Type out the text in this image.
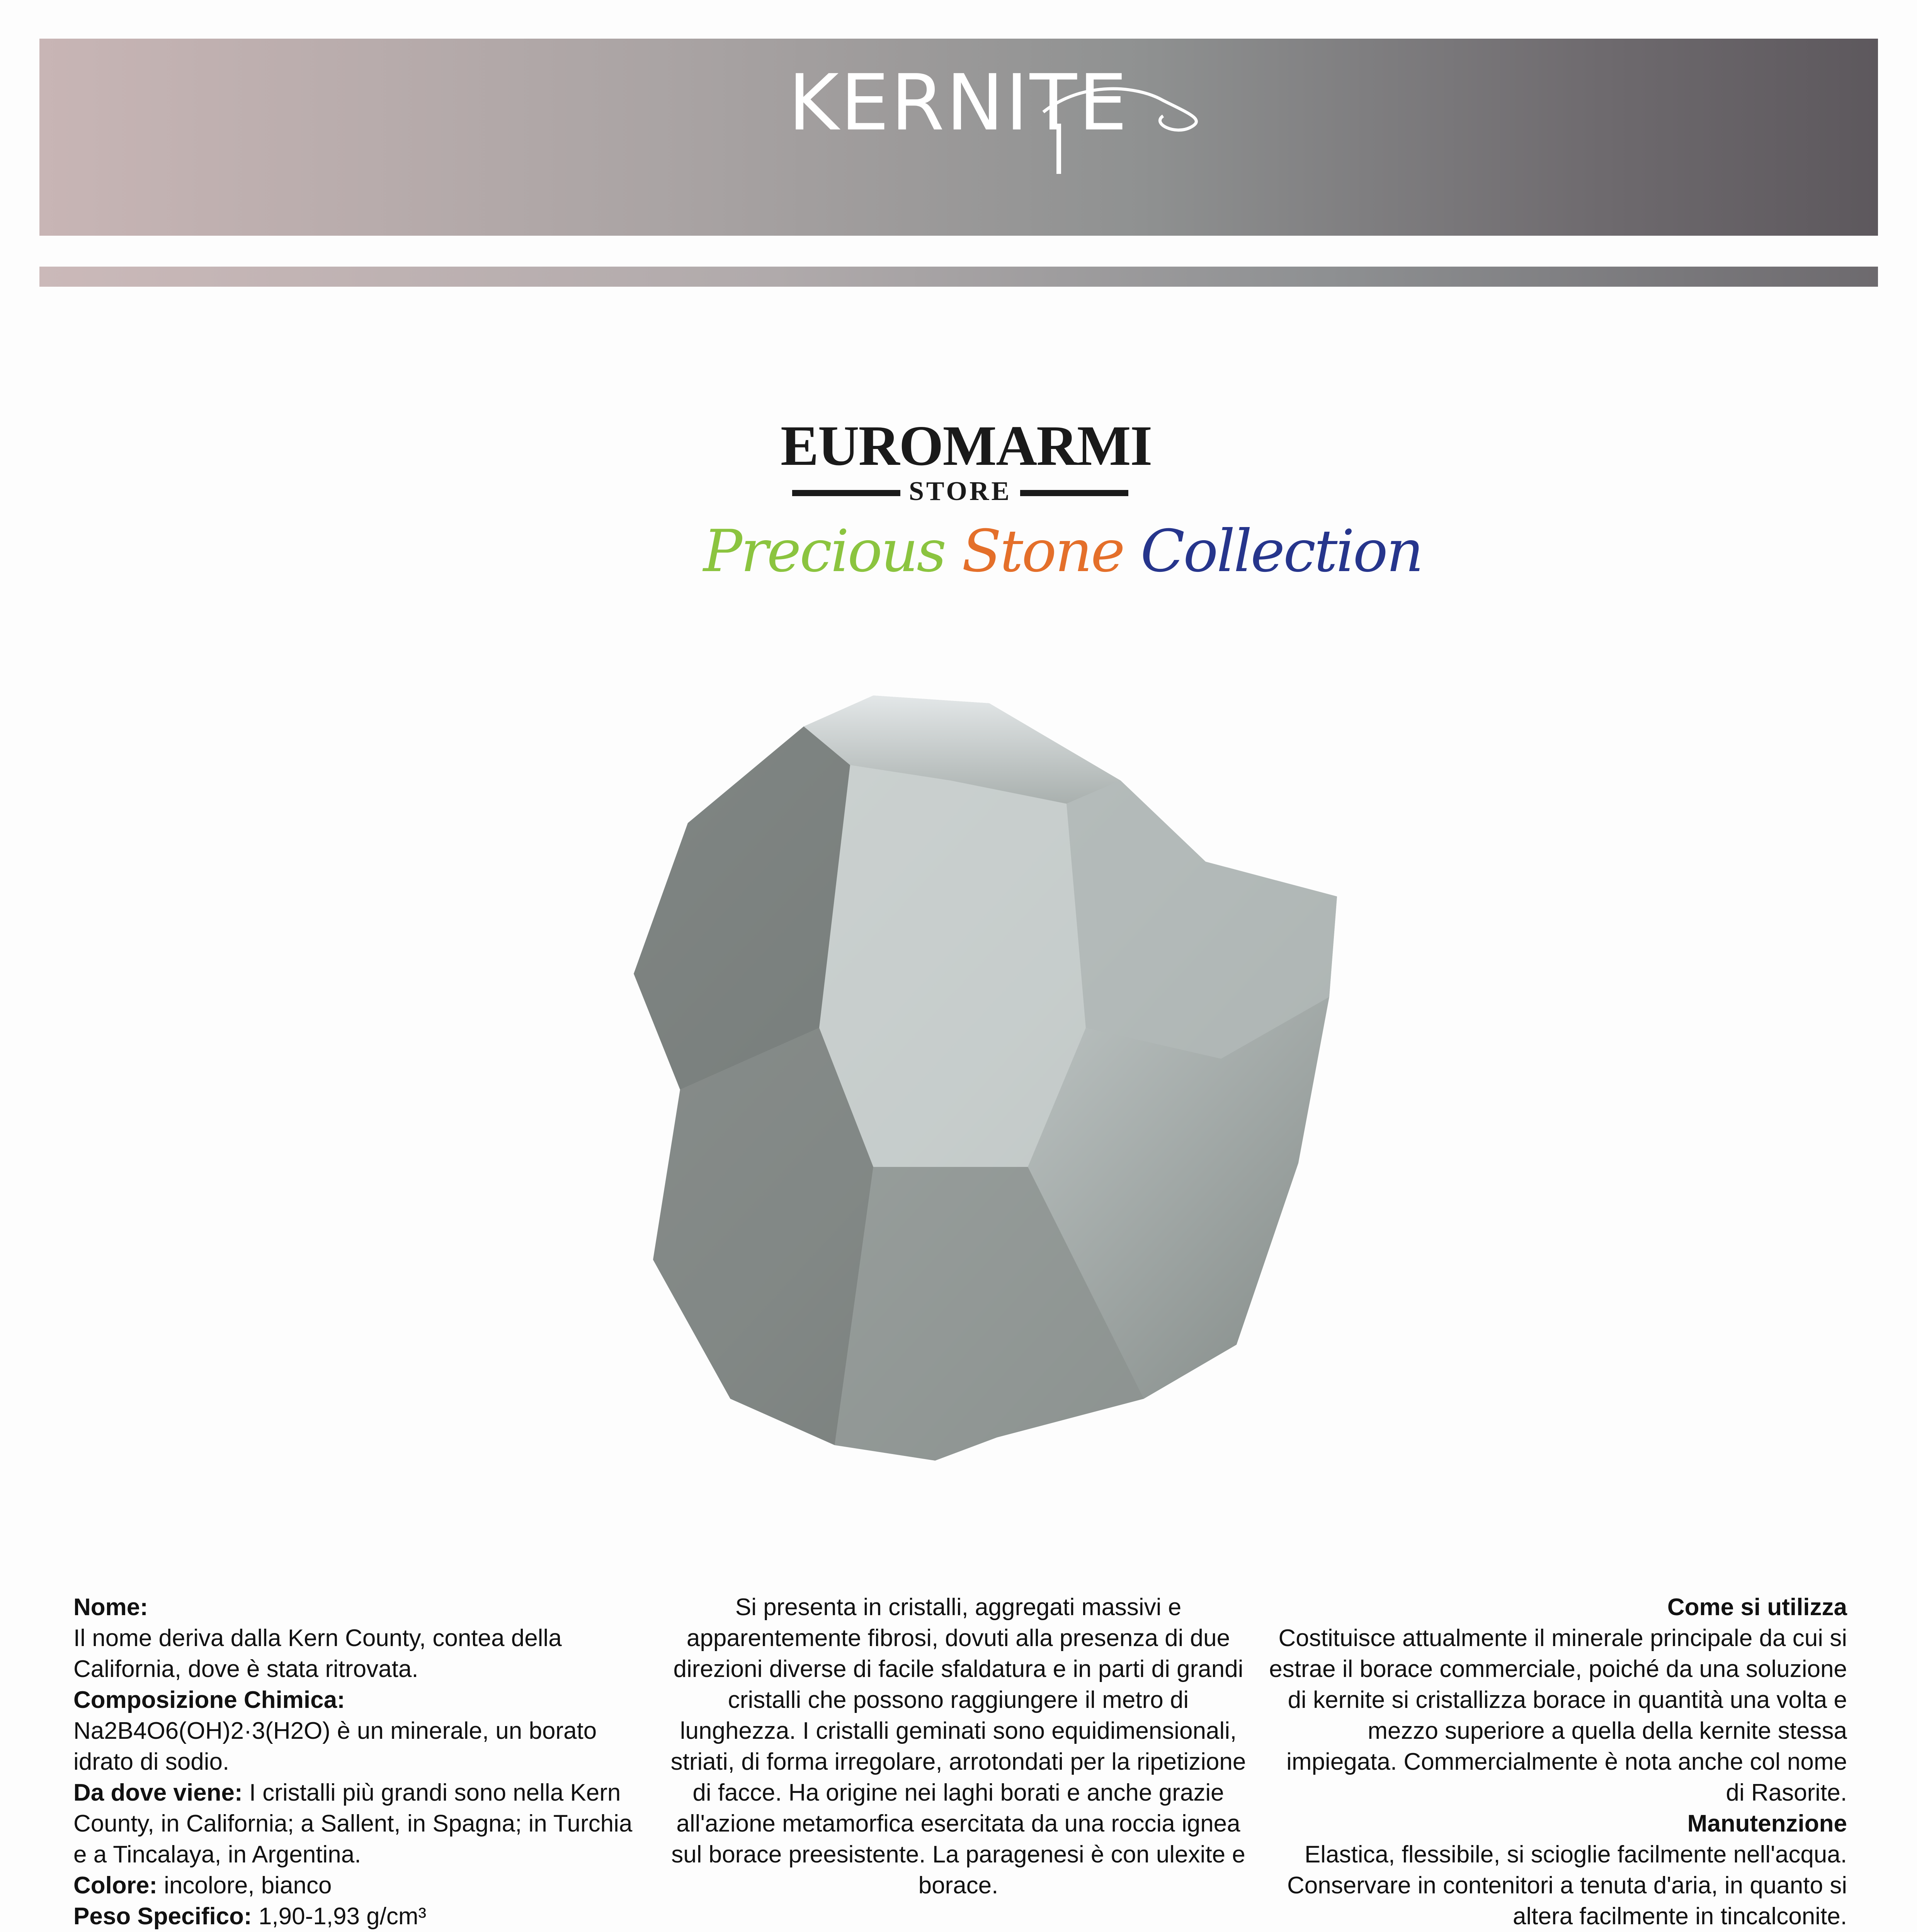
KERNITE
EUROMARMI
STORE
Precious Stone Collection

Nome:

Il nome deriva dalla Kern County, contea della California, dove è stata ritrovata.

Composizione Chimica:

Na2B4O6(OH)2·3(H2O) è un minerale, un borato idrato di sodio.

Da dove viene: I cristalli più grandi sono nella Kern County, in California; a Sallent, in Spagna; in Turchia e a Tincalaya, in Argentina.

Colore: incolore, bianco

Peso Specifico: 1,90-1,93 g/cm³

Si presenta in cristalli, aggregati massivi e apparentemente fibrosi, dovuti alla presenza di due direzioni diverse di facile sfaldatura e in parti di grandi cristalli che possono raggiungere il metro di lunghezza. I cristalli geminati sono equidimensionali, striati, di forma irregolare, arrotondati per la ripetizione di facce. Ha origine nei laghi borati e anche grazie all'azione metamorfica esercitata da una roccia ignea sul borace preesistente. La paragenesi è con ulexite e borace.

Come si utilizza

Costituisce attualmente il minerale principale da cui si estrae il borace commerciale, poiché da una soluzione di kernite si cristallizza borace in quantità una volta e mezzo superiore a quella della kernite stessa impiegata. Commercialmente è nota anche col nome di Rasorite.

Manutenzione

Elastica, flessibile, si scioglie facilmente nell'acqua. Conservare in contenitori a tenuta d'aria, in quanto si altera facilmente in tincalconite.
